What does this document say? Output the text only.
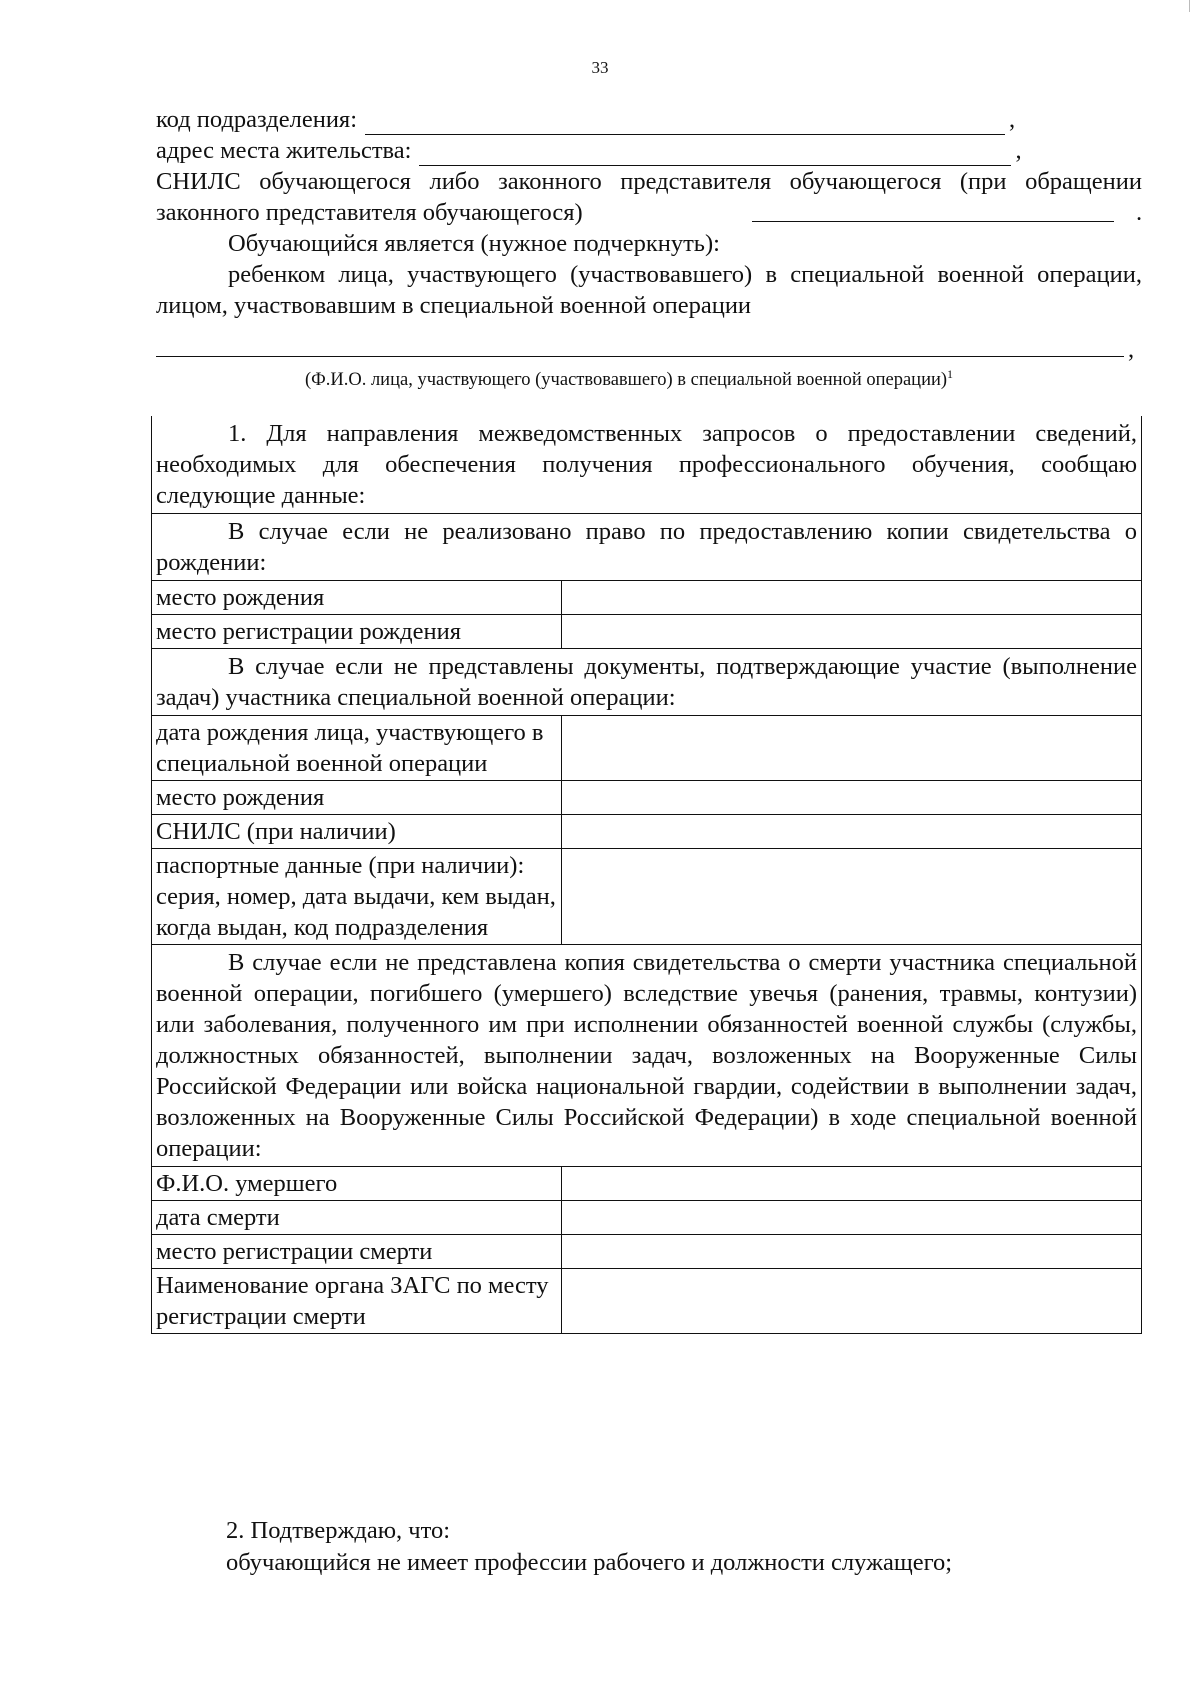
33
код подразделения:	,
адрес места жительства:	,
СНИЛС обучающегося либо законного представителя обучающегося (при обращении законного представителя обучающегося)	.
Обучающийся является (нужное подчеркнуть):
ребенком лица, участвующего (участвовавшего) в специальной военной операции, лицом, участвовавшим в специальной военной операции
,
(Ф.И.О. лица, участвующего (участвовавшего) в специальной военной операции)$^1$
1. Для направления межведомственных запросов о предоставлении сведений, необходимых для обеспечения получения профессионального обучения, сообщаю следующие данные:	
В случае если не реализовано право по предоставлению копии свидетельства о рождении:	
место рождения	
место регистрации рождения	
В случае если не представлены документы, подтверждающие участие (выполнение задач) участника специальной военной операции:	
дата рождения лица, участвующего в специальной военной операции	
место рождения	
СНИЛС (при наличии)	
паспортные данные (при наличии): серия, номер, дата выдачи, кем выдан, когда выдан, код подразделения	
В случае если не представлена копия свидетельства о смерти участника специальной военной операции, погибшего (умершего) вследствие увечья (ранения, травмы, контузии) или заболевания, полученного им при исполнении обязанностей военной службы (службы, должностных обязанностей, выполнении задач, возложенных на Вооруженные Силы Российской Федерации или войска национальной гвардии, содействии в выполнении задач, возложенных на Вооруженные Силы Российской Федерации) в ходе специальной военной операции:	
Ф.И.О. умершего	
дата смерти	
место регистрации смерти	
Наименование органа ЗАГС по месту регистрации смерти	
2. Подтверждаю, что:
обучающийся не имеет профессии рабочего и должности служащего;
